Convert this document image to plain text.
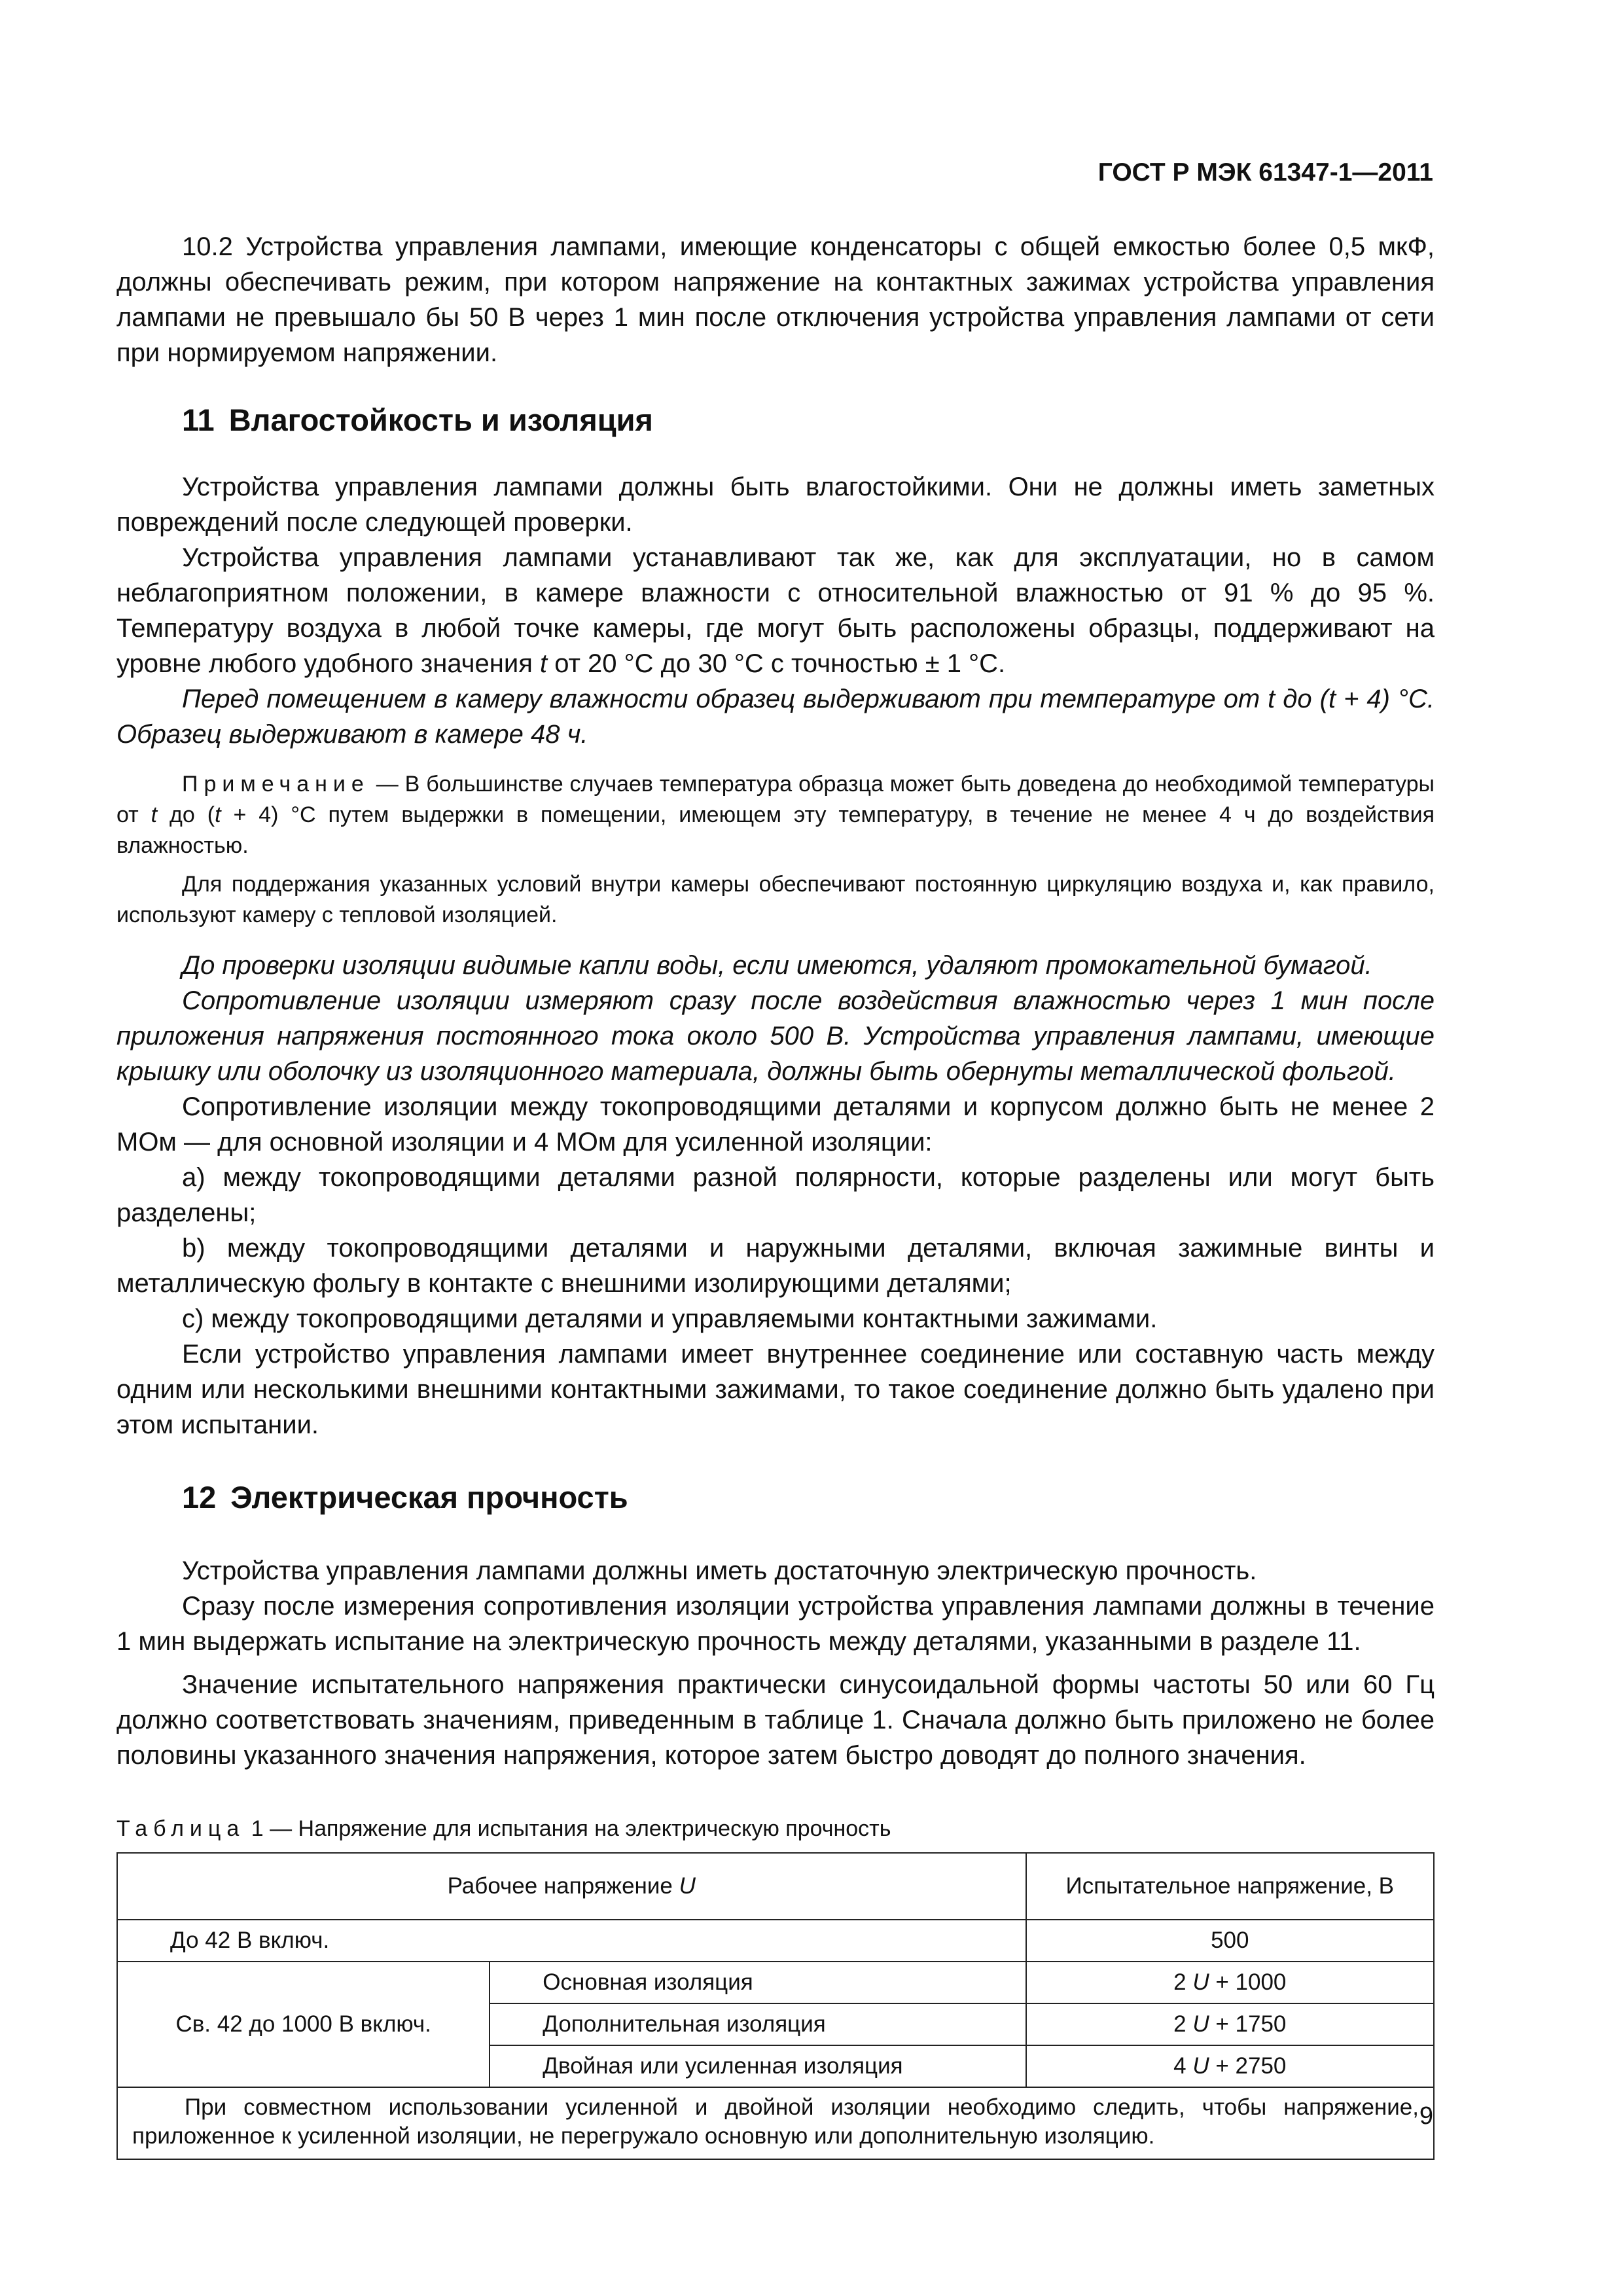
ГОСТ Р МЭК 61347-1—2011

10.2 Устройства управления лампами, имеющие конденсаторы с общей емкостью более 0,5 мкФ, должны обеспечивать режим, при котором напряжение на контактных зажимах устройства управления лампами не превышало бы 50 В через 1 мин после отключения устройства управления лампами от сети при нормируемом напряжении.

11 Влагостойкость и изоляция

Устройства управления лампами должны быть влагостойкими. Они не должны иметь заметных повреждений после следующей проверки.

Устройства управления лампами устанавливают так же, как для эксплуатации, но в самом неблагоприятном положении, в камере влажности с относительной влажностью от 91 % до 95 %. Температуру воздуха в любой точке камеры, где могут быть расположены образцы, поддерживают на уровне любого удобного значения t от 20 °С до 30 °С с точностью ± 1 °С.

Перед помещением в камеру влажности образец выдерживают при температуре от t до (t + 4) °С. Образец выдерживают в камере 48 ч.

Примечание — В большинстве случаев температура образца может быть доведена до необходимой температуры от t до (t + 4) °С путем выдержки в помещении, имеющем эту температуру, в течение не менее 4 ч до воздействия влажностью.

Для поддержания указанных условий внутри камеры обеспечивают постоянную циркуляцию воздуха и, как правило, используют камеру с тепловой изоляцией.

До проверки изоляции видимые капли воды, если имеются, удаляют промокательной бумагой.

Сопротивление изоляции измеряют сразу после воздействия влажностью через 1 мин после приложения напряжения постоянного тока около 500 В. Устройства управления лампами, имеющие крышку или оболочку из изоляционного материала, должны быть обернуты металлической фольгой.

Сопротивление изоляции между токопроводящими деталями и корпусом должно быть не менее 2 МОм — для основной изоляции и 4 МОм для усиленной изоляции:

а) между токопроводящими деталями разной полярности, которые разделены или могут быть разделены;

b) между токопроводящими деталями и наружными деталями, включая зажимные винты и металлическую фольгу в контакте с внешними изолирующими деталями;

с) между токопроводящими деталями и управляемыми контактными зажимами.

Если устройство управления лампами имеет внутреннее соединение или составную часть между одним или несколькими внешними контактными зажимами, то такое соединение должно быть удалено при этом испытании.

12 Электрическая прочность

Устройства управления лампами должны иметь достаточную электрическую прочность.

Сразу после измерения сопротивления изоляции устройства управления лампами должны в течение 1 мин выдержать испытание на электрическую прочность между деталями, указанными в разделе 11.

Значение испытательного напряжения практически синусоидальной формы частоты 50 или 60 Гц должно соответствовать значениям, приведенным в таблице 1. Сначала должно быть приложено не более половины указанного значения напряжения, которое затем быстро доводят до полного значения.

Таблица 1 — Напряжение для испытания на электрическую прочность
Рабочее напряжение U		Испытательное напряжение, В
До 42 В включ.		500
Св. 42 до 1000 В включ.	Основная изоляция	2 U + 1000
	Дополнительная изоляция	2 U + 1750
	Двойная или усиленная изоляция	4 U + 2750

При совместном использовании усиленной и двойной изоляции необходимо следить, чтобы напряжение, приложенное к усиленной изоляции, не перегружало основную или дополнительную изоляцию.		
9
